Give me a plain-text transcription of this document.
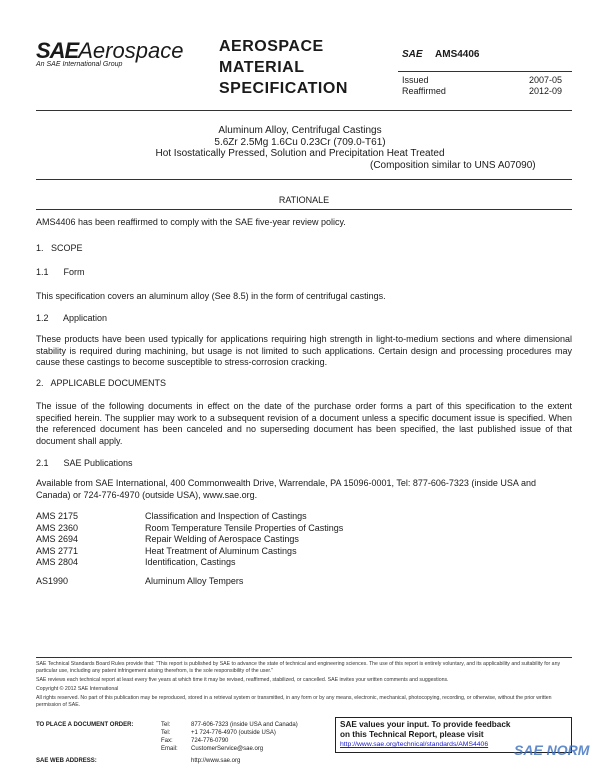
SAEAerospace
An SAE International Group
AEROSPACE
MATERIAL
SPECIFICATION
SAE AMS4406
Issued	2007-05
Reaffirmed	2012-09
Aluminum Alloy, Centrifugal Castings
5.6Zr 2.5Mg 1.6Cu 0.23Cr (709.0-T61)
Hot Isostatically Pressed, Solution and Precipitation Heat Treated
(Composition similar to UNS A07090)
RATIONALE
AMS4406 has been reaffirmed to comply with the SAE five-year review policy.
1.   SCOPE
1.1      Form
This specification covers an aluminum alloy (See 8.5) in the form of centrifugal castings.
1.2      Application
These products have been used typically for applications requiring high strength in light-to-medium sections and where dimensional stability is required during machining, but usage is not limited to such applications. Certain design and processing procedures may cause these castings to become susceptible to stress-corrosion cracking.
2.   APPLICABLE DOCUMENTS
The issue of the following documents in effect on the date of the purchase order forms a part of this specification to the extent specified herein. The supplier may work to a subsequent revision of a document unless a specific document issue is specified. When the referenced document has been canceled and no superseding document has been specified, the last published issue of that document shall apply.
2.1      SAE Publications
Available from SAE International, 400 Commonwealth Drive, Warrendale, PA 15096-0001, Tel: 877-606-7323 (inside USA and Canada) or 724-776-4970 (outside USA), www.sae.org.
AMS 2175	Classification and Inspection of Castings
AMS 2360	Room Temperature Tensile Properties of Castings
AMS 2694	Repair Welding of Aerospace Castings
AMS 2771	Heat Treatment of Aluminum Castings
AMS 2804	Identification, Castings
AS1990	Aluminum Alloy Tempers
SAE Technical Standards Board Rules provide that: "This report is published by SAE to advance the state of technical and engineering sciences. The use of this report is entirely voluntary, and its applicability and suitability for any particular use, including any patent infringement arising therefrom, is the sole responsibility of the user."
SAE reviews each technical report at least every five years at which time it may be revised, reaffirmed, stabilized, or cancelled. SAE invites your written comments and suggestions.
Copyright © 2012 SAE International
All rights reserved. No part of this publication may be reproduced, stored in a retrieval system or transmitted, in any form or by any means, electronic, mechanical, photocopying, recording, or otherwise, without the prior written permission of SAE.
TO PLACE A DOCUMENT ORDER:	Tel:	877-606-7323 (inside USA and Canada)
Tel:	+1 724-776-4970 (outside USA)
Fax:	724-776-0790
Email:	CustomerService@sae.org
SAE WEB ADDRESS:	http://www.sae.org
SAE values your input. To provide feedback
on this Technical Report, please visit
http://www.sae.org/technical/standards/AMS4406	SAE NORM
